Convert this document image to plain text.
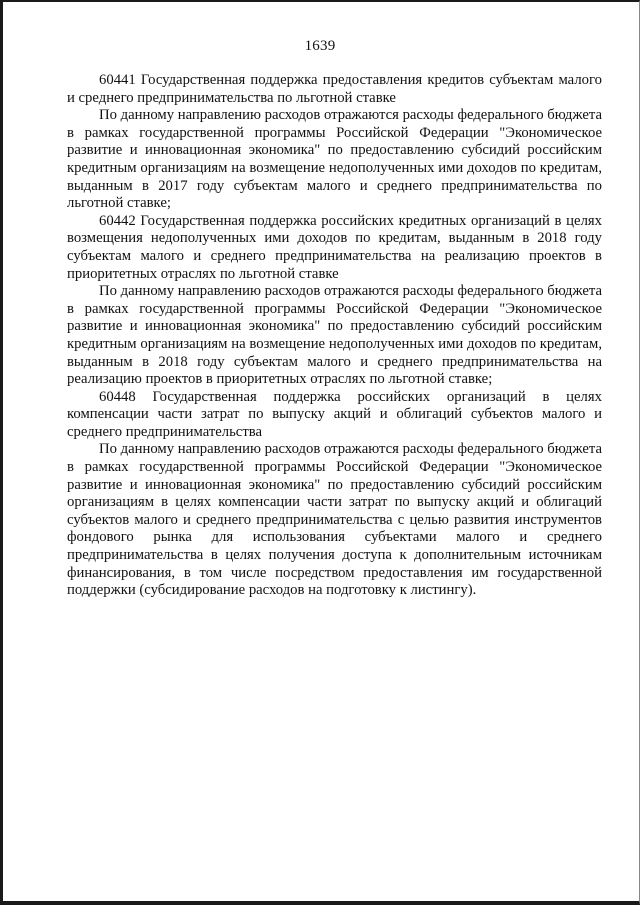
1639

60441 Государственная поддержка предоставления кредитов субъектам малого и среднего предпринимательства по льготной ставке

По данному направлению расходов отражаются расходы федерального бюджета в рамках государственной программы Российской Федерации "Экономическое развитие и инновационная экономика" по предоставлению субсидий российским кредитным организациям на возмещение недополученных ими доходов по кредитам, выданным в 2017 году субъектам малого и среднего предпринимательства по льготной ставке;

60442 Государственная поддержка российских кредитных организаций в целях возмещения недополученных ими доходов по кредитам, выданным в 2018 году субъектам малого и среднего предпринимательства на реализацию проектов в приоритетных отраслях по льготной ставке

По данному направлению расходов отражаются расходы федерального бюджета в рамках государственной программы Российской Федерации "Экономическое развитие и инновационная экономика" по предоставлению субсидий российским кредитным организациям на возмещение недополученных ими доходов по кредитам, выданным в 2018 году субъектам малого и среднего предпринимательства на реализацию проектов в приоритетных отраслях по льготной ставке;

60448 Государственная поддержка российских организаций в целях компенсации части затрат по выпуску акций и облигаций субъектов малого и среднего предпринимательства

По данному направлению расходов отражаются расходы федерального бюджета в рамках государственной программы Российской Федерации "Экономическое развитие и инновационная экономика" по предоставлению субсидий российским организациям в целях компенсации части затрат по выпуску акций и облигаций субъектов малого и среднего предпринимательства с целью развития инструментов фондового рынка для использования субъектами малого и среднего предпринимательства в целях получения доступа к дополнительным источникам финансирования, в том числе посредством предоставления им государственной поддержки (субсидирование расходов на подготовку к листингу).
